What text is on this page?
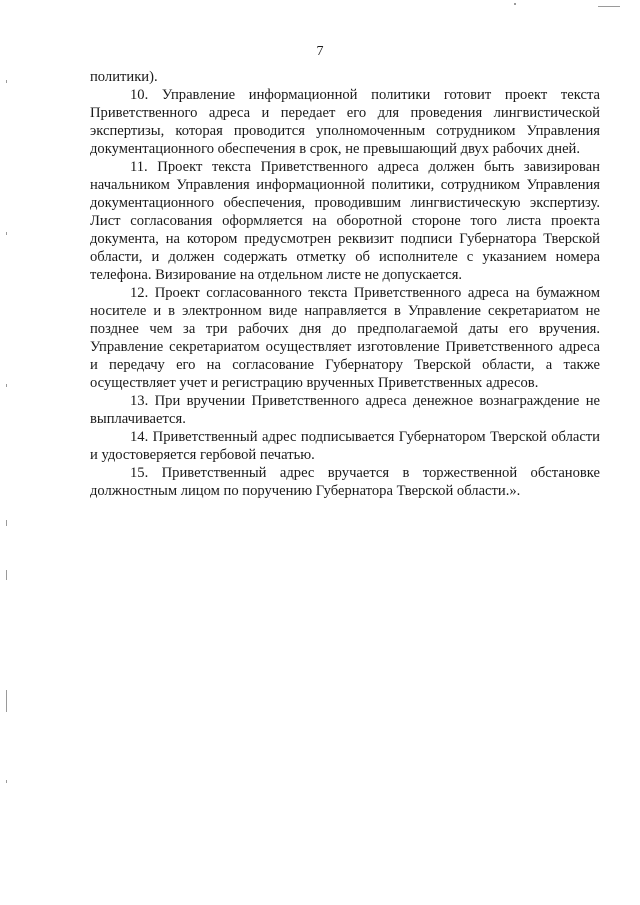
7

политики).

10. Управление информационной политики готовит проект текста Приветственного адреса и передает его для проведения лингвистической экспертизы, которая проводится уполномоченным сотрудником Управления документационного обеспечения в срок, не превышающий двух рабочих дней.

11. Проект текста Приветственного адреса должен быть завизирован начальником Управления информационной политики, сотрудником Управления документационного обеспечения, проводившим лингвистическую экспертизу. Лист согласования оформляется на оборотной стороне того листа проекта документа, на котором предусмотрен реквизит подписи Губернатора Тверской области, и должен содержать отметку об исполнителе с указанием номера телефона. Визирование на отдельном листе не допускается.

12. Проект согласованного текста Приветственного адреса на бумажном носителе и в электронном виде направляется в Управление секретариатом не позднее чем за три рабочих дня до предполагаемой даты его вручения. Управление секретариатом осуществляет изготовление Приветственного адреса и передачу его на согласование Губернатору Тверской области, а также осуществляет учет и регистрацию врученных Приветственных адресов.

13. При вручении Приветственного адреса денежное вознаграждение не выплачивается.

14. Приветственный адрес подписывается Губернатором Тверской области и удостоверяется гербовой печатью.

15. Приветственный адрес вручается в торжественной обстановке должностным лицом по поручению Губернатора Тверской области.».
